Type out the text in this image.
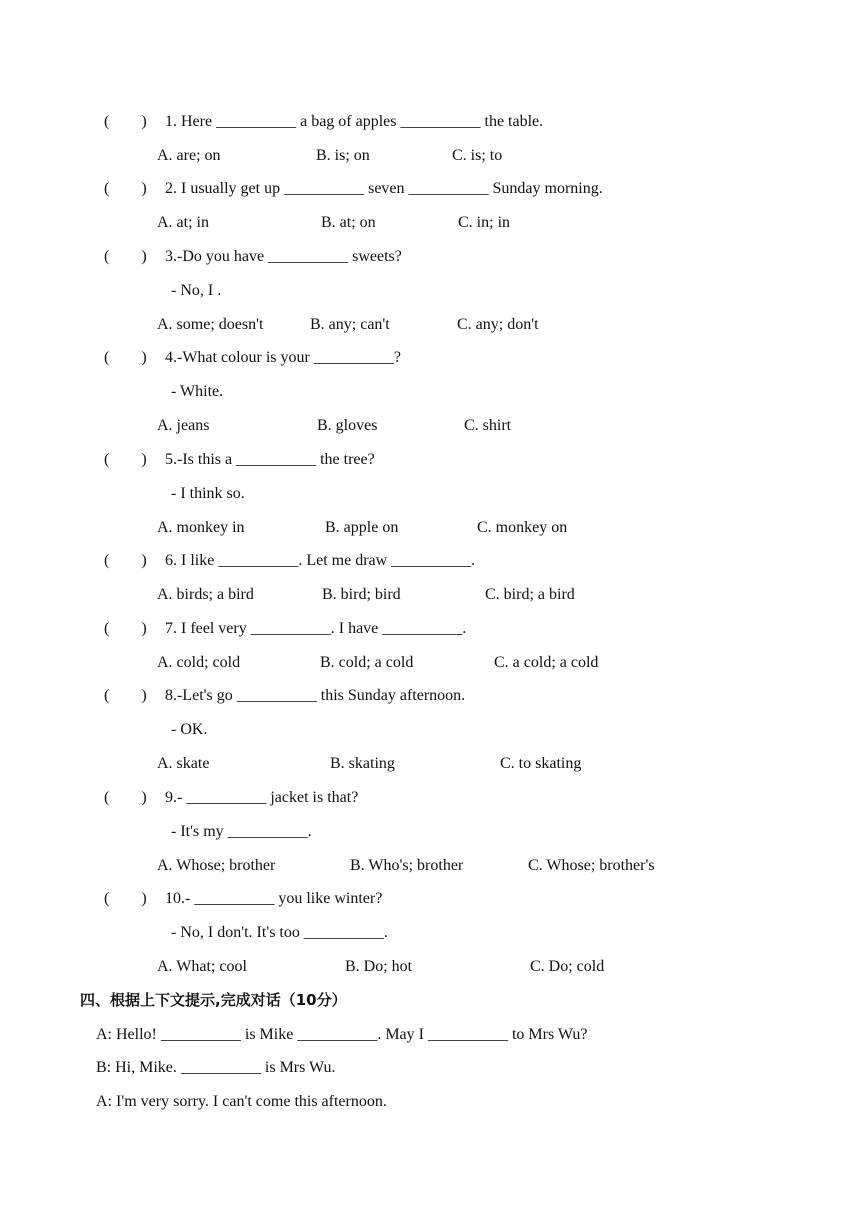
(        ) 1. Here __________ a bag of apples __________ the table.
A. are; on	B. is; on	C. is; to
(        ) 2. I usually get up __________ seven __________ Sunday morning.
A. at; in	B. at; on	C. in; in
(        ) 3.-Do you have __________ sweets?
- No, I .
A. some; doesn't	B. any; can't	C. any; don't
(        ) 4.-What colour is your __________?
- White.
A. jeans	B. gloves	C. shirt
(        ) 5.-Is this a __________ the tree?
- I think so.
A. monkey in	B. apple on	C. monkey on
(        ) 6. I like __________. Let me draw __________.
A. birds; a bird	B. bird; bird	C. bird; a bird
(        ) 7. I feel very __________. I have __________.
A. cold; cold	B. cold; a cold	C. a cold; a cold
(        ) 8.-Let's go __________ this Sunday afternoon.
- OK.
A. skate	B. skating	C. to skating
(        ) 9.- __________ jacket is that?
- It's my __________.
A. Whose; brother	B. Who's; brother	C. Whose; brother's
(        ) 10.- __________ you like winter?
- No, I don't. It's too __________.
A. What; cool	B. Do; hot	C. Do; cold
四、根据上下文提示,完成对话（10分）
A: Hello! __________ is Mike __________. May I __________ to Mrs Wu?
B: Hi, Mike. __________ is Mrs Wu.
A: I'm very sorry. I can't come this afternoon.
